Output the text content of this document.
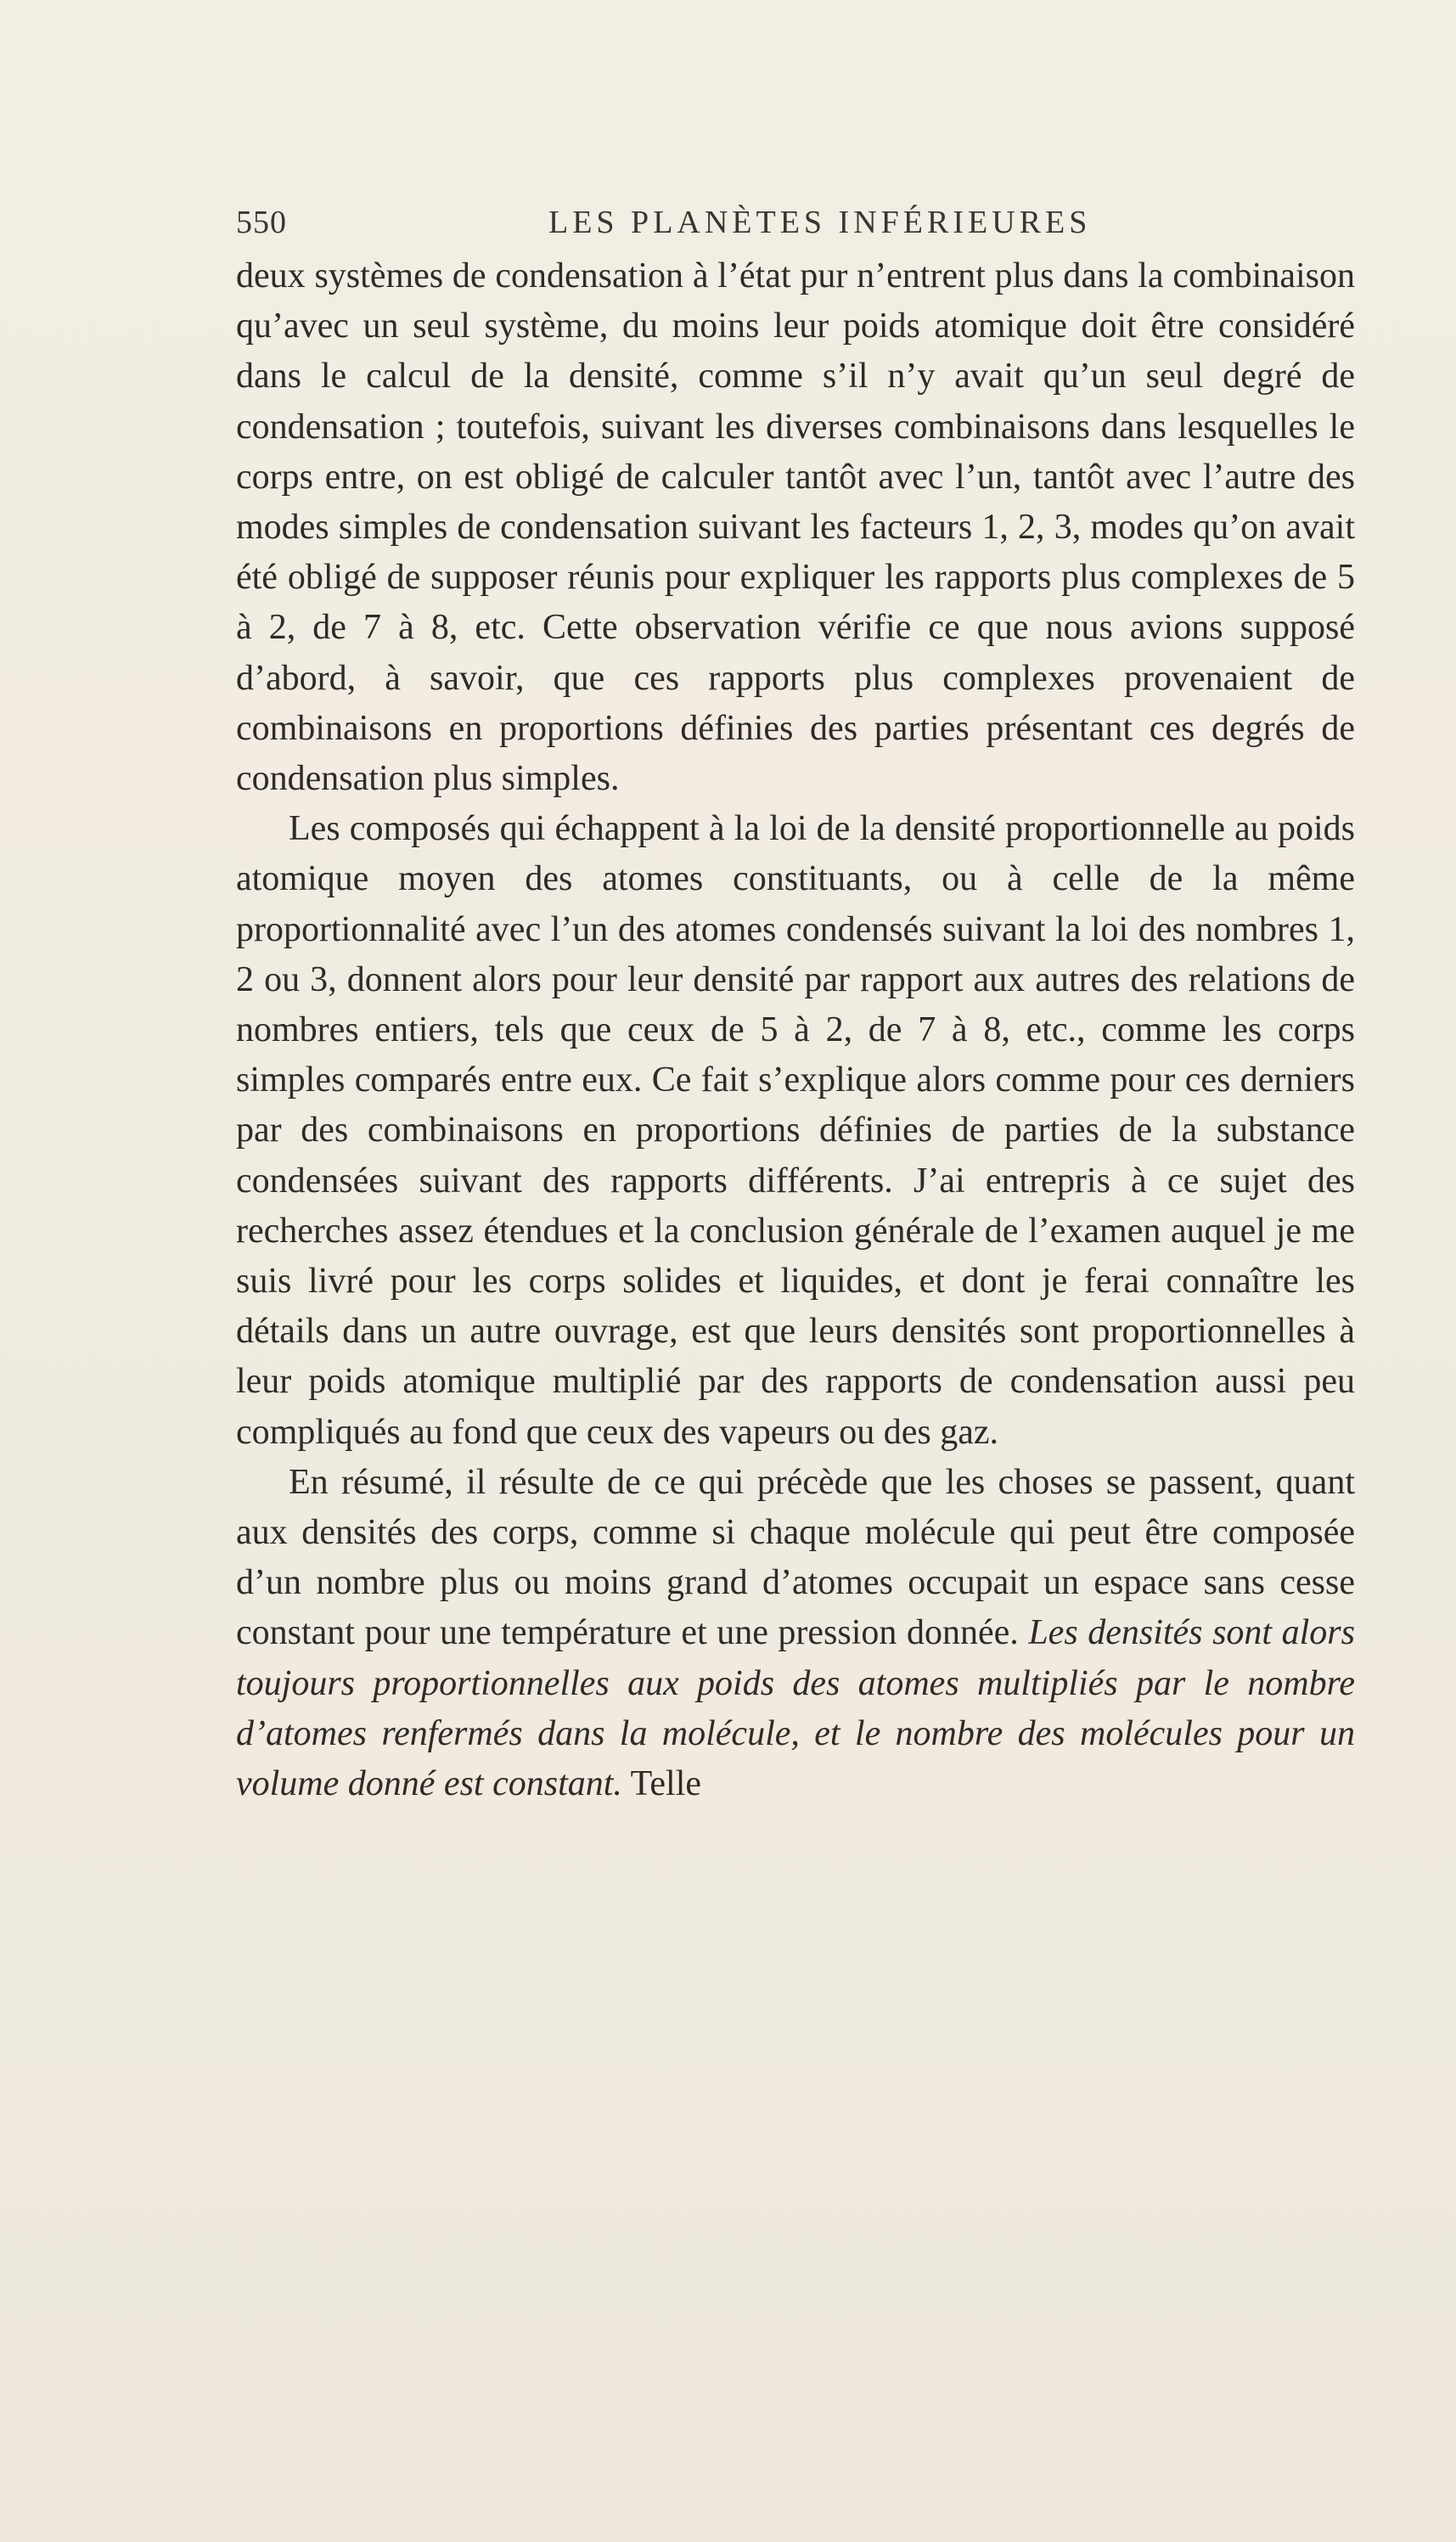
550	LES PLANÈTES INFÉRIEURES

deux systèmes de condensation à l’état pur n’entrent plus dans la combinaison qu’avec un seul système, du moins leur poids atomique doit être considéré dans le calcul de la densité, comme s’il n’y avait qu’un seul degré de condensation ; toutefois, suivant les diverses combinaisons dans lesquelles le corps entre, on est obligé de calculer tantôt avec l’un, tantôt avec l’autre des modes simples de condensation suivant les facteurs 1, 2, 3, modes qu’on avait été obligé de supposer réunis pour expliquer les rapports plus complexes de 5 à 2, de 7 à 8, etc. Cette observation vérifie ce que nous avions supposé d’abord, à savoir, que ces rapports plus complexes provenaient de combinaisons en proportions définies des parties présentant ces degrés de condensation plus simples.

Les composés qui échappent à la loi de la densité proportionnelle au poids atomique moyen des atomes constituants, ou à celle de la même proportionnalité avec l’un des atomes condensés suivant la loi des nombres 1, 2 ou 3, donnent alors pour leur densité par rapport aux autres des relations de nombres entiers, tels que ceux de 5 à 2, de 7 à 8, etc., comme les corps simples comparés entre eux. Ce fait s’explique alors comme pour ces derniers par des combinaisons en proportions définies de parties de la substance condensées suivant des rapports différents. J’ai entrepris à ce sujet des recherches assez étendues et la conclusion générale de l’examen auquel je me suis livré pour les corps solides et liquides, et dont je ferai connaître les détails dans un autre ouvrage, est que leurs densités sont proportionnelles à leur poids atomique multiplié par des rapports de condensation aussi peu compliqués au fond que ceux des vapeurs ou des gaz.

En résumé, il résulte de ce qui précède que les choses se passent, quant aux densités des corps, comme si chaque molécule qui peut être composée d’un nombre plus ou moins grand d’atomes occupait un espace sans cesse constant pour une température et une pression donnée. Les densités sont alors toujours proportionnelles aux poids des atomes multipliés par le nombre d’atomes renfermés dans la molécule, et le nombre des molécules pour un volume donné est constant. Telle
